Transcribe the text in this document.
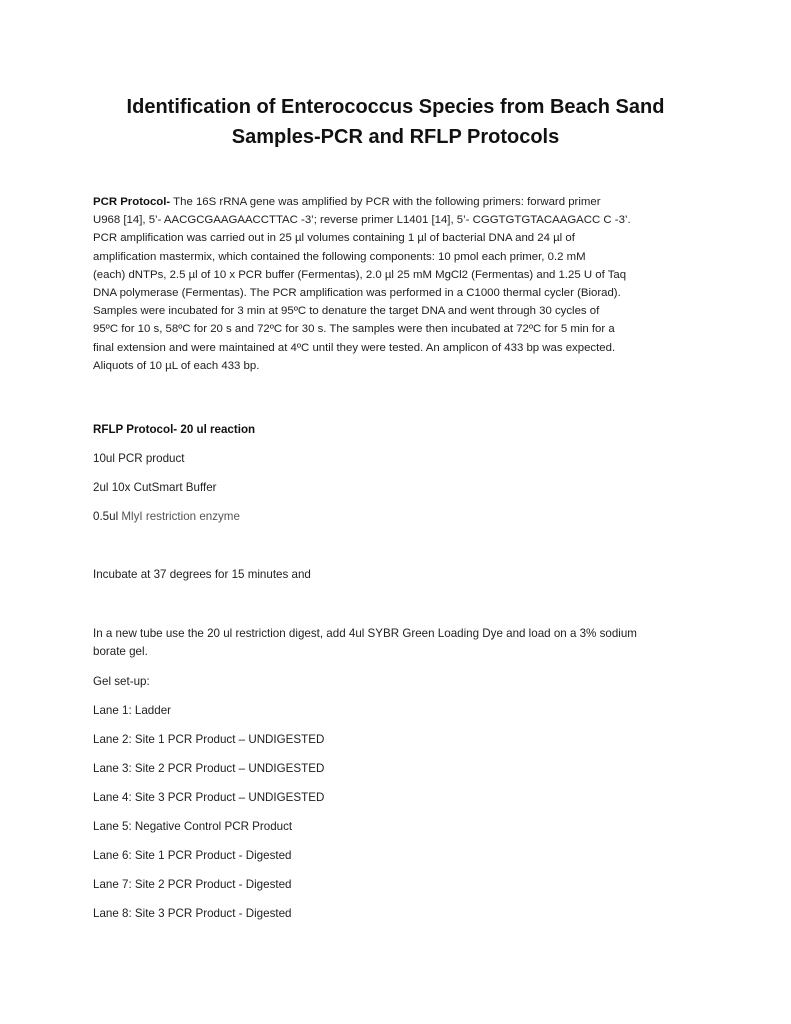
Identification of Enterococcus Species from Beach Sand
Samples-PCR and RFLP Protocols
PCR Protocol- The 16S rRNA gene was amplified by PCR with the following primers: forward primer
U968 [14], 5’- AACGCGAAGAACCTTAC -3’; reverse primer L1401 [14], 5’- CGGTGTGTACAAGACC C -3’.
PCR amplification was carried out in 25 µl volumes containing 1 µl of bacterial DNA and 24 µl of
amplification mastermix, which contained the following components: 10 pmol each primer, 0.2 mM
(each) dNTPs, 2.5 µl of 10 x PCR buffer (Fermentas), 2.0 µl 25 mM MgCl2 (Fermentas) and 1.25 U of Taq
DNA polymerase (Fermentas). The PCR amplification was performed in a C1000 thermal cycler (Biorad).
Samples were incubated for 3 min at 95ºC to denature the target DNA and went through 30 cycles of
95ºC for 10 s, 58ºC for 20 s and 72ºC for 30 s. The samples were then incubated at 72ºC for 5 min for a
final extension and were maintained at 4ºC until they were tested. An amplicon of 433 bp was expected.
Aliquots of 10 µL of each 433 bp.
RFLP Protocol- 20 ul reaction
10ul PCR product
2ul 10x CutSmart Buffer
0.5ul MlyI restriction enzyme
Incubate at 37 degrees for 15 minutes and
In a new tube use the 20 ul restriction digest, add 4ul SYBR Green Loading Dye and load on a 3% sodium
borate gel.
Gel set-up:
Lane 1: Ladder
Lane 2: Site 1 PCR Product – UNDIGESTED
Lane 3: Site 2 PCR Product – UNDIGESTED
Lane 4: Site 3 PCR Product – UNDIGESTED
Lane 5: Negative Control PCR Product
Lane 6: Site 1 PCR Product - Digested
Lane 7: Site 2 PCR Product - Digested
Lane 8: Site 3 PCR Product - Digested
